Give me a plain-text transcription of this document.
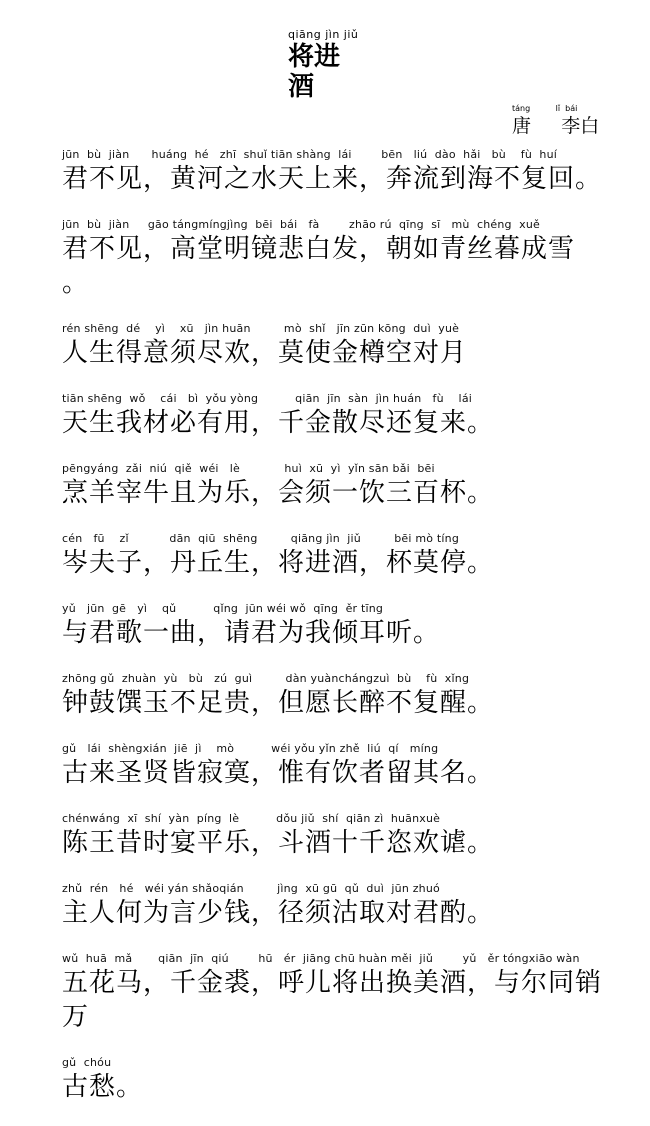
qiāng jìn jiǔ
将进
酒
táng          lǐ  bái
唐     李白
jūn  bù  jiàn      huáng  hé   zhī  shuǐ tiān shàng  lái        bēn   liú  dào  hǎi   bù    fù  huí
君不见，黄河之水天上来，奔流到海不复回。
jūn  bù  jiàn     gāo tángmíngjìng  bēi  bái   fà        zhāo rú  qīng  sī   mù  chéng  xuě
君不见，高堂明镜悲白发，朝如青丝暮成雪
。
rén shēng  dé    yì    xū   jìn huān         mò  shǐ   jīn zūn kōng  duì  yuè
人生得意须尽欢，莫使金樽空对月
tiān shēng  wǒ    cái   bì  yǒu yòng          qiān  jīn  sàn  jìn huán   fù    lái
天生我材必有用，千金散尽还复来。
pēngyáng  zǎi  niú  qiě  wéi   lè            huì  xū  yì  yǐn sān bǎi  bēi
烹羊宰牛且为乐，会须一饮三百杯。
cén   fū    zǐ           dān  qiū  shēng         qiāng jìn  jiǔ         bēi mò tíng
岑夫子，丹丘生，将进酒，杯莫停。
yǔ   jūn  gē   yì    qǔ          qǐng  jūn wéi wǒ  qīng  ěr tīng
与君歌一曲，请君为我倾耳听。
zhōng gǔ  zhuàn  yù   bù   zú  guì         dàn yuànchángzuì  bù    fù  xǐng
钟鼓馔玉不足贵，但愿长醉不复醒。
gǔ   lái  shèngxián  jiē  jì    mò          wéi yǒu yǐn zhě  liú  qí   míng
古来圣贤皆寂寞，惟有饮者留其名。
chénwáng  xī  shí  yàn  píng  lè          dǒu jiǔ  shí  qiān zì  huānxuè
陈王昔时宴平乐，斗酒十千恣欢谑。
zhǔ  rén   hé   wéi yán shǎoqián         jìng  xū gū  qǔ  duì  jūn zhuó
主人何为言少钱，径须沽取对君酌。
wǔ  huā  mǎ       qiān  jīn  qiú        hū   ér  jiāng chū huàn měi  jiǔ        yǔ   ěr tóngxiāo wàn
五花马，千金裘，呼儿将出换美酒，与尔同销
万
gǔ  chóu
古愁。
